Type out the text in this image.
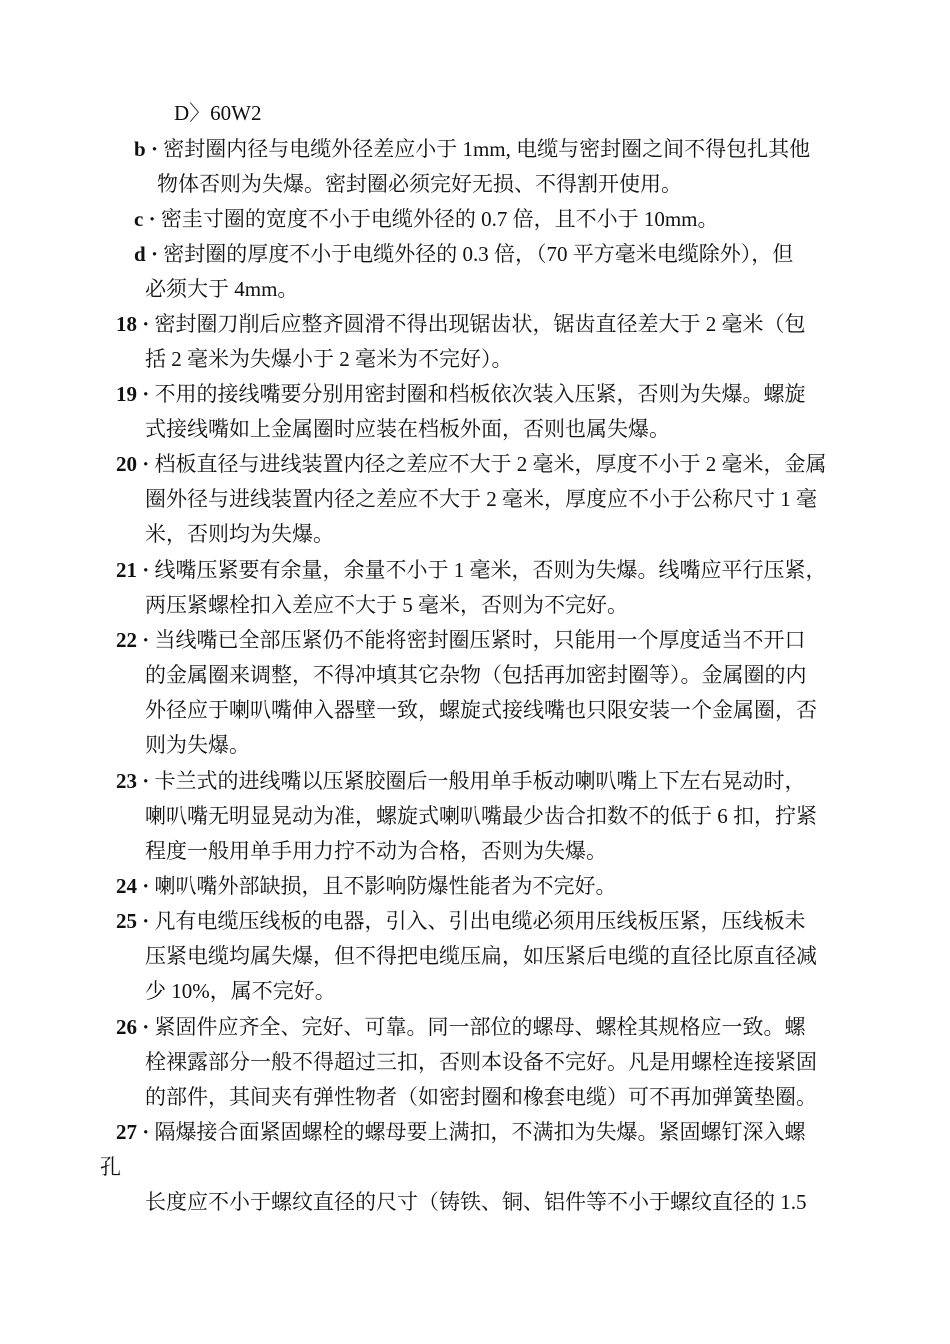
D〉60W2
b · 密封圈内径与电缆外径差应小于 1mm, 电缆与密封圈之间不得包扎其他
物体否则为失爆。密封圈必须完好无损、不得割开使用。
c · 密圭寸圈的宽度不小于电缆外径的 0.7 倍，且不小于 10mm。
d · 密封圈的厚度不小于电缆外径的 0.3 倍，（70 平方毫米电缆除外），但
必须大于 4mm。
18 · 密封圈刀削后应整齐圆滑不得出现锯齿状，锯齿直径差大于 2 毫米（包
括 2 毫米为失爆小于 2 毫米为不完好）。
19 · 不用的接线嘴要分别用密封圈和档板依次装入压紧，否则为失爆。螺旋
式接线嘴如上金属圈时应装在档板外面，否则也属失爆。
20 · 档板直径与进线装置内径之差应不大于 2 毫米，厚度不小于 2 毫米，金属
圈外径与进线装置内径之差应不大于 2 毫米，厚度应不小于公称尺寸 1 毫
米，否则均为失爆。
21 · 线嘴压紧要有余量，余量不小于 1 毫米，否则为失爆。线嘴应平行压紧，
两压紧螺栓扣入差应不大于 5 毫米，否则为不完好。
22 · 当线嘴已全部压紧仍不能将密封圈压紧时，只能用一个厚度适当不开口
的金属圈来调整，不得冲填其它杂物（包括再加密封圈等）。金属圈的内
外径应于喇叭嘴伸入器壁一致，螺旋式接线嘴也只限安装一个金属圈，否
则为失爆。
23 · 卡兰式的进线嘴以压紧胶圈后一般用单手板动喇叭嘴上下左右晃动时，
喇叭嘴无明显晃动为准，螺旋式喇叭嘴最少齿合扣数不的低于 6 扣，拧紧
程度一般用单手用力拧不动为合格，否则为失爆。
24 · 喇叭嘴外部缺损，且不影响防爆性能者为不完好。
25 · 凡有电缆压线板的电器，引入、引出电缆必须用压线板压紧，压线板未
压紧电缆均属失爆，但不得把电缆压扁，如压紧后电缆的直径比原直径减
少 10%，属不完好。
26 · 紧固件应齐全、完好、可靠。同一部位的螺母、螺栓其规格应一致。螺
栓裸露部分一般不得超过三扣，否则本设备不完好。凡是用螺栓连接紧固
的部件，其间夹有弹性物者（如密封圈和橡套电缆）可不再加弹簧垫圈。
27 · 隔爆接合面紧固螺栓的螺母要上满扣，不满扣为失爆。紧固螺钉深入螺
孔
长度应不小于螺纹直径的尺寸（铸铁、铜、铝件等不小于螺纹直径的 1.5
